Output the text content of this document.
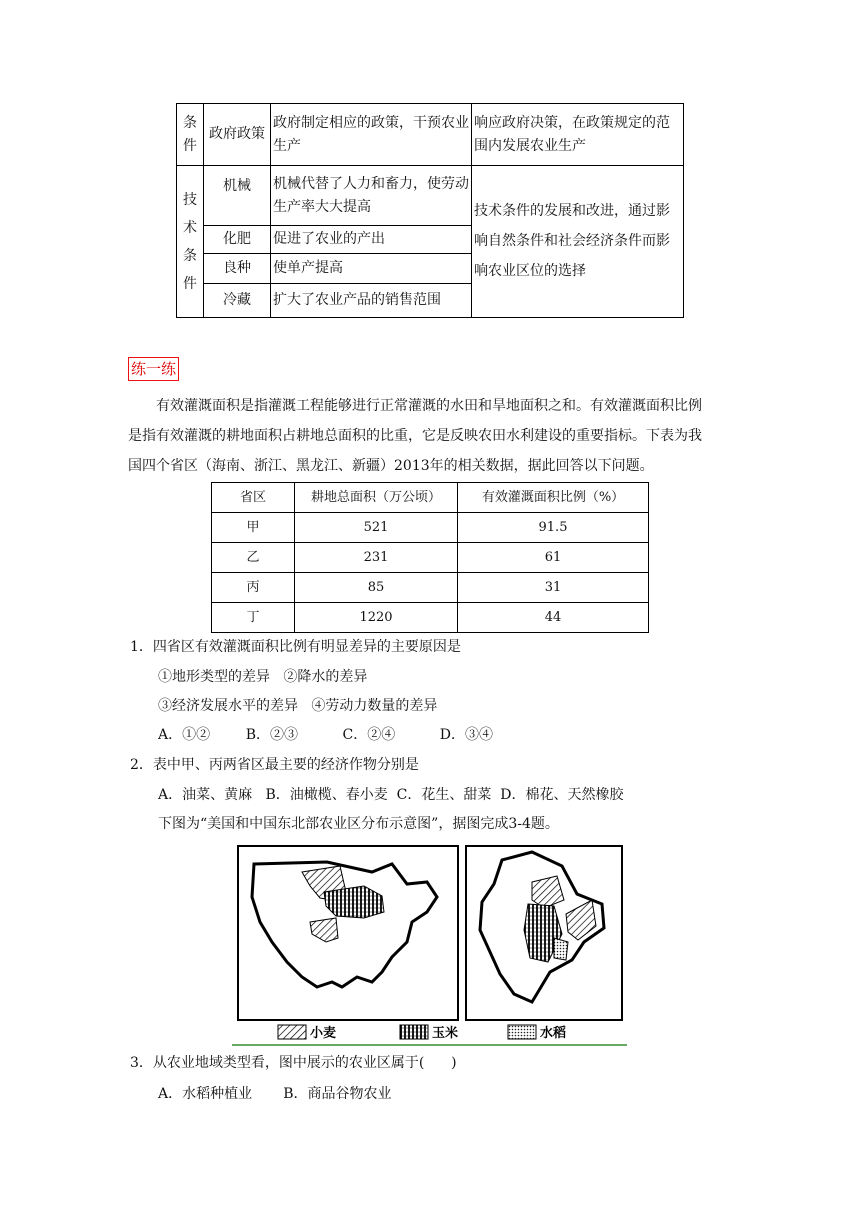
条件	政府政策	政府制定相应的政策，干预农业生产	响应政府决策，在政策规定的范围内发展农业生产
技术条件	机械	机械代替了人力和畜力，使劳动生产率大大提高	技术条件的发展和改进，通过影响自然条件和社会经济条件而影响农业区位的选择
	化肥	促进了农业的产出	
	良种	使单产提高	
	冷藏	扩大了农业产品的销售范围	
练一练
有效灌溉面积是指灌溉工程能够进行正常灌溉的水田和旱地面积之和。有效灌溉面积比例是指有效灌溉的耕地面积占耕地总面积的比重，它是反映农田水利建设的重要指标。下表为我国四个省区（海南、浙江、黑龙江、新疆）2013年的相关数据，据此回答以下问题。
省区	耕地总面积（万公顷）	有效灌溉面积比例（%）
甲	521	91.5
乙	231	61
丙	85	31
丁	1220	44
1．四省区有效灌溉面积比例有明显差异的主要原因是
①地形类型的差异   ②降水的差异
③经济发展水平的差异   ④劳动力数量的差异
A．①②        B．②③          C．②④          D．③④
2．表中甲、丙两省区最主要的经济作物分别是
A．油菜、黄麻   B．油橄榄、春小麦  C．花生、甜菜  D．棉花、天然橡胶
下图为“美国和中国东北部农业区分布示意图”，据图完成3-4题。
小麦	玉米	水稻
3．从农业地域类型看，图中展示的农业区属于(      )
A．水稻种植业       B．商品谷物农业
